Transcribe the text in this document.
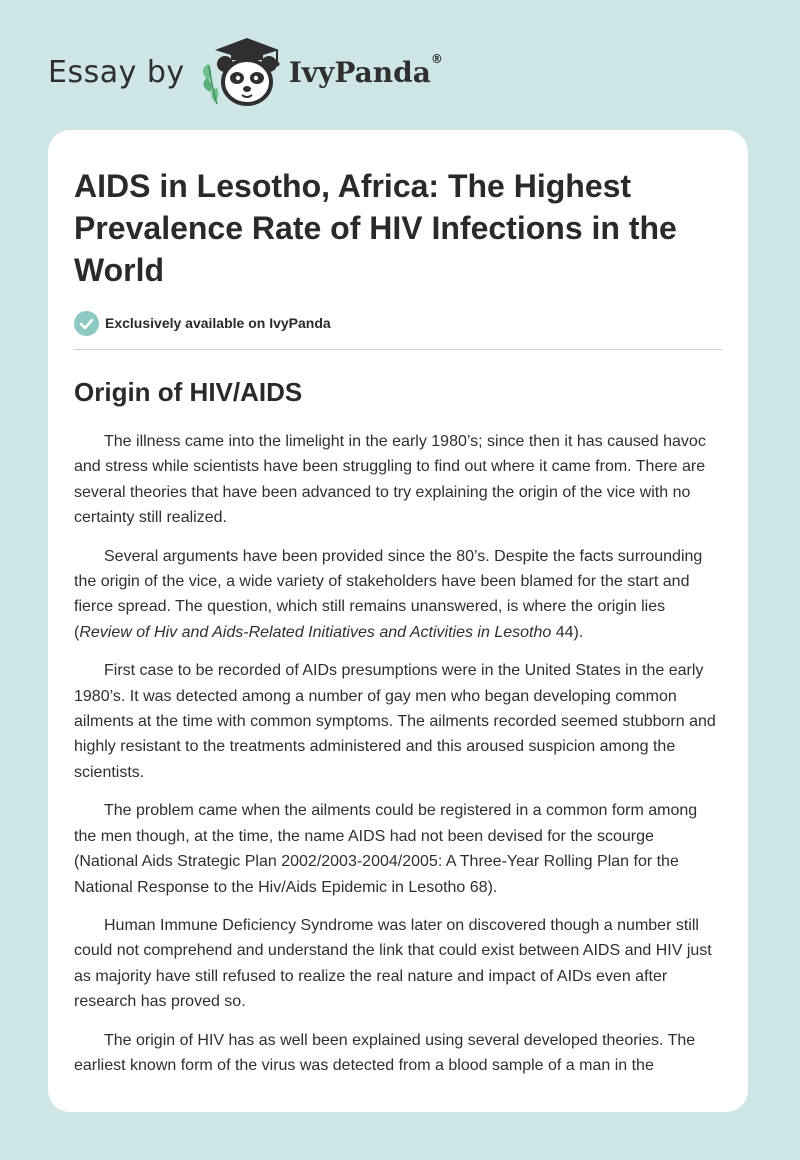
Essay by	IvyPanda®
AIDS in Lesotho, Africa: The Highest Prevalence Rate of HIV Infections in the World
Exclusively available on IvyPanda
Origin of HIV/AIDS

The illness came into the limelight in the early 1980’s; since then it has caused havoc and stress while scientists have been struggling to find out where it came from. There are several theories that have been advanced to try explaining the origin of the vice with no certainty still realized.

Several arguments have been provided since the 80’s. Despite the facts surrounding the origin of the vice, a wide variety of stakeholders have been blamed for the start and fierce spread. The question, which still remains unanswered, is where the origin lies (Review of Hiv and Aids-Related Initiatives and Activities in Lesotho 44).

First case to be recorded of AIDs presumptions were in the United States in the early 1980’s. It was detected among a number of gay men who began developing common ailments at the time with common symptoms. The ailments recorded seemed stubborn and highly resistant to the treatments administered and this aroused suspicion among the scientists.

The problem came when the ailments could be registered in a common form among the men though, at the time, the name AIDS had not been devised for the scourge (National Aids Strategic Plan 2002/2003-2004/2005: A Three-Year Rolling Plan for the National Response to the Hiv/Aids Epidemic in Lesotho 68).

Human Immune Deficiency Syndrome was later on discovered though a number still could not comprehend and understand the link that could exist between AIDS and HIV just as majority have still refused to realize the real nature and impact of AIDs even after research has proved so.

The origin of HIV has as well been explained using several developed theories. The earliest known form of the virus was detected from a blood sample of a man in the
